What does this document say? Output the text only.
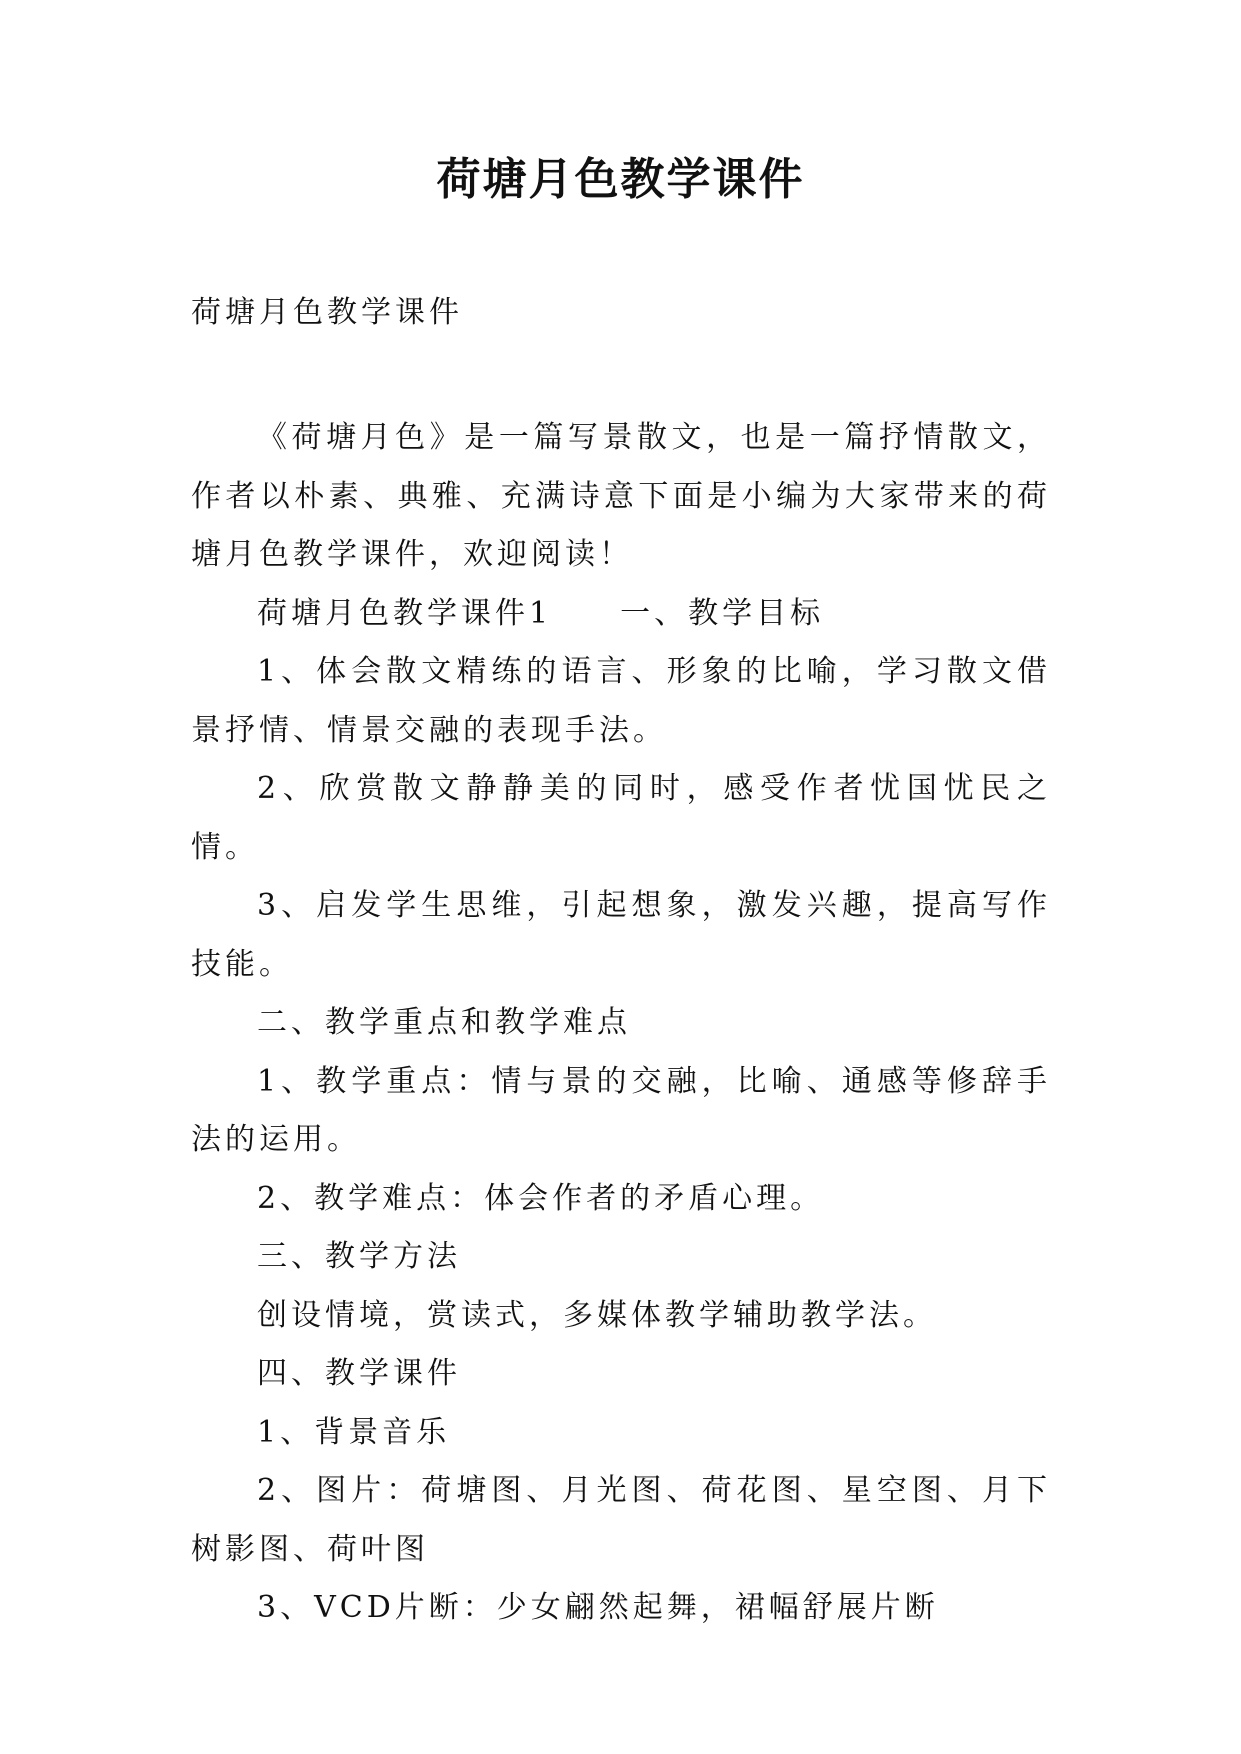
荷塘月色教学课件

荷塘月色教学课件

《荷塘月色》是一篇写景散文，也是一篇抒情散文，作者以朴素、典雅、充满诗意下面是小编为大家带来的荷塘月色教学课件，欢迎阅读！

荷塘月色教学课件1　　一、教学目标

1、体会散文精练的语言、形象的比喻，学习散文借景抒情、情景交融的表现手法。

2、欣赏散文静静美的同时，感受作者忧国忧民之情。

3、启发学生思维，引起想象，激发兴趣，提高写作技能。

二、教学重点和教学难点

1、教学重点：情与景的交融，比喻、通感等修辞手法的运用。

2、教学难点：体会作者的矛盾心理。

三、教学方法

创设情境，赏读式，多媒体教学辅助教学法。

四、教学课件

1、背景音乐

2、图片：荷塘图、月光图、荷花图、星空图、月下树影图、荷叶图

3、VCD片断：少女翩然起舞，裙幅舒展片断
